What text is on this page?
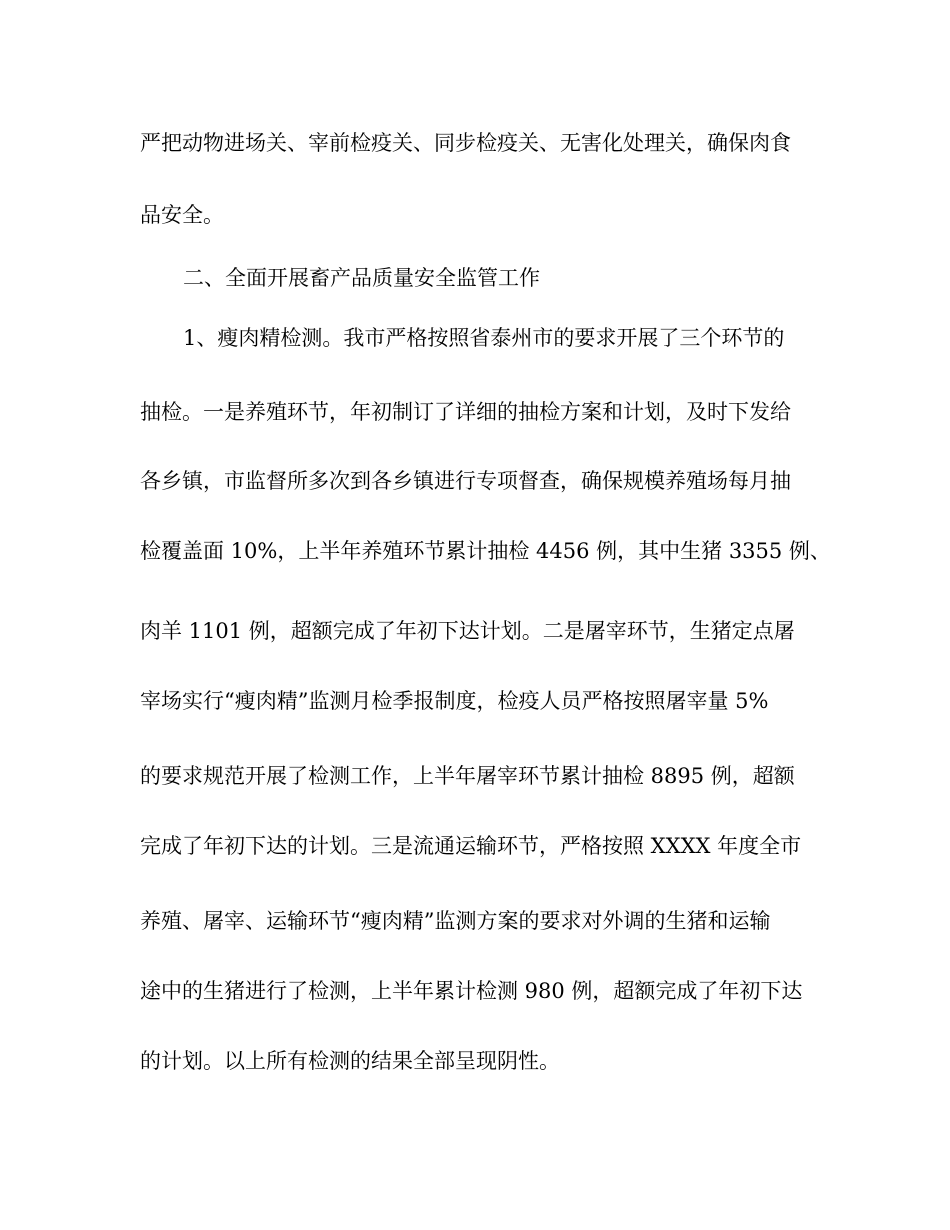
严把动物进场关、宰前检疫关、同步检疫关、无害化处理关，确保肉食
品安全。
二、全面开展畜产品质量安全监管工作
1、瘦肉精检测。我市严格按照省泰州市的要求开展了三个环节的
抽检。一是养殖环节，年初制订了详细的抽检方案和计划，及时下发给
各乡镇，市监督所多次到各乡镇进行专项督查，确保规模养殖场每月抽
检覆盖面 10%，上半年养殖环节累计抽检 4456 例，其中生猪 3355 例、
肉羊 1101 例，超额完成了年初下达计划。二是屠宰环节，生猪定点屠
宰场实行“瘦肉精”监测月检季报制度，检疫人员严格按照屠宰量 5%
的要求规范开展了检测工作，上半年屠宰环节累计抽检 8895 例，超额
完成了年初下达的计划。三是流通运输环节，严格按照 XXXX 年度全市
养殖、屠宰、运输环节“瘦肉精”监测方案的要求对外调的生猪和运输
途中的生猪进行了检测，上半年累计检测 980 例，超额完成了年初下达
的计划。以上所有检测的结果全部呈现阴性。
